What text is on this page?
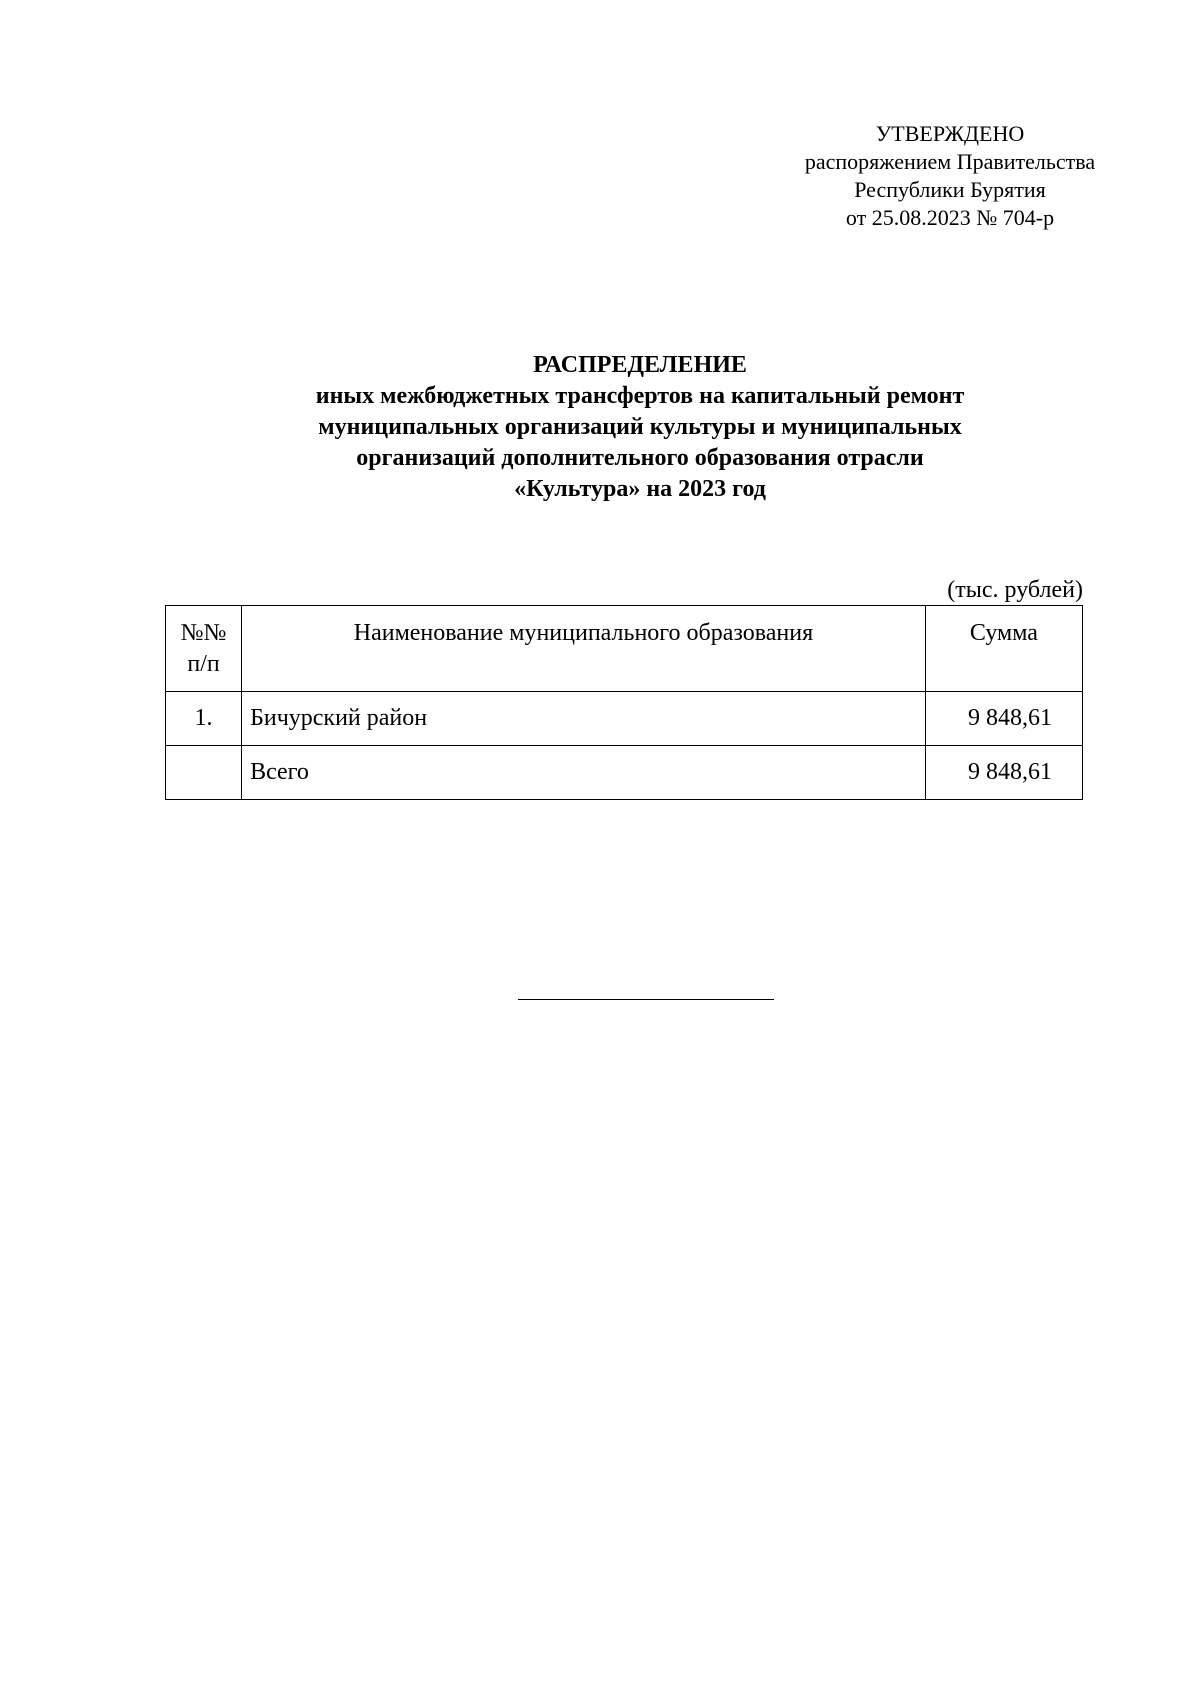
УТВЕРЖДЕНО
распоряжением Правительства
Республики Бурятия
от 25.08.2023 № 704-р
РАСПРЕДЕЛЕНИЕ
иных межбюджетных трансфертов на капитальный ремонт
муниципальных организаций культуры и муниципальных
организаций дополнительного образования отрасли
«Культура» на 2023 год
(тыс. рублей)
№№
п/п	Наименование муниципального образования	Сумма
1.	Бичурский район	9 848,61
	Всего	9 848,61
